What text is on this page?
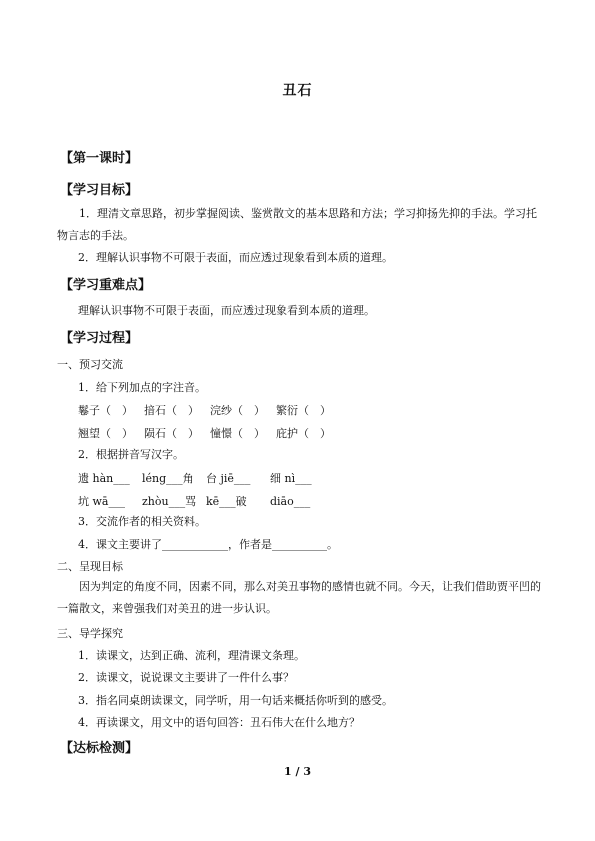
丑石
【第一课时】
【学习目标】
1．理清文章思路，初步掌握阅读、鉴赏散文的基本思路和方法；学习抑扬先抑的手法。学习托物言志的手法。
2．理解认识事物不可限于表面，而应透过现象看到本质的道理。
【学习重难点】
理解认识事物不可限于表面，而应透过现象看到本质的道理。
【学习过程】
一、预习交流
1．给下列加点的字注音。
鬈子（　） 揞石（　） 浣纱（　） 繁衍（　）
翘望（　） 陨石（　） 憧憬（　） 庇护（　）
2．根据拼音写汉字。
遗 hàn___ léng___角 台 jiē___ 细 nì___
坑 wā___ zhòu___骂 kē___破 diāo___
3．交流作者的相关资料。
4．课文主要讲了____________，作者是__________。
二、呈现目标
因为判定的角度不同，因素不同，那么对美丑事物的感情也就不同。今天，让我们借助贾平凹的一篇散文，来曾强我们对美丑的进一步认识。
三、导学探究
1．读课文，达到正确、流利，理清课文条理。
2．读课文，说说课文主要讲了一件什么事？
3．指名同桌朗读课文，同学听，用一句话来概括你听到的感受。
4．再读课文，用文中的语句回答：丑石伟大在什么地方？
【达标检测】
1 / 3
